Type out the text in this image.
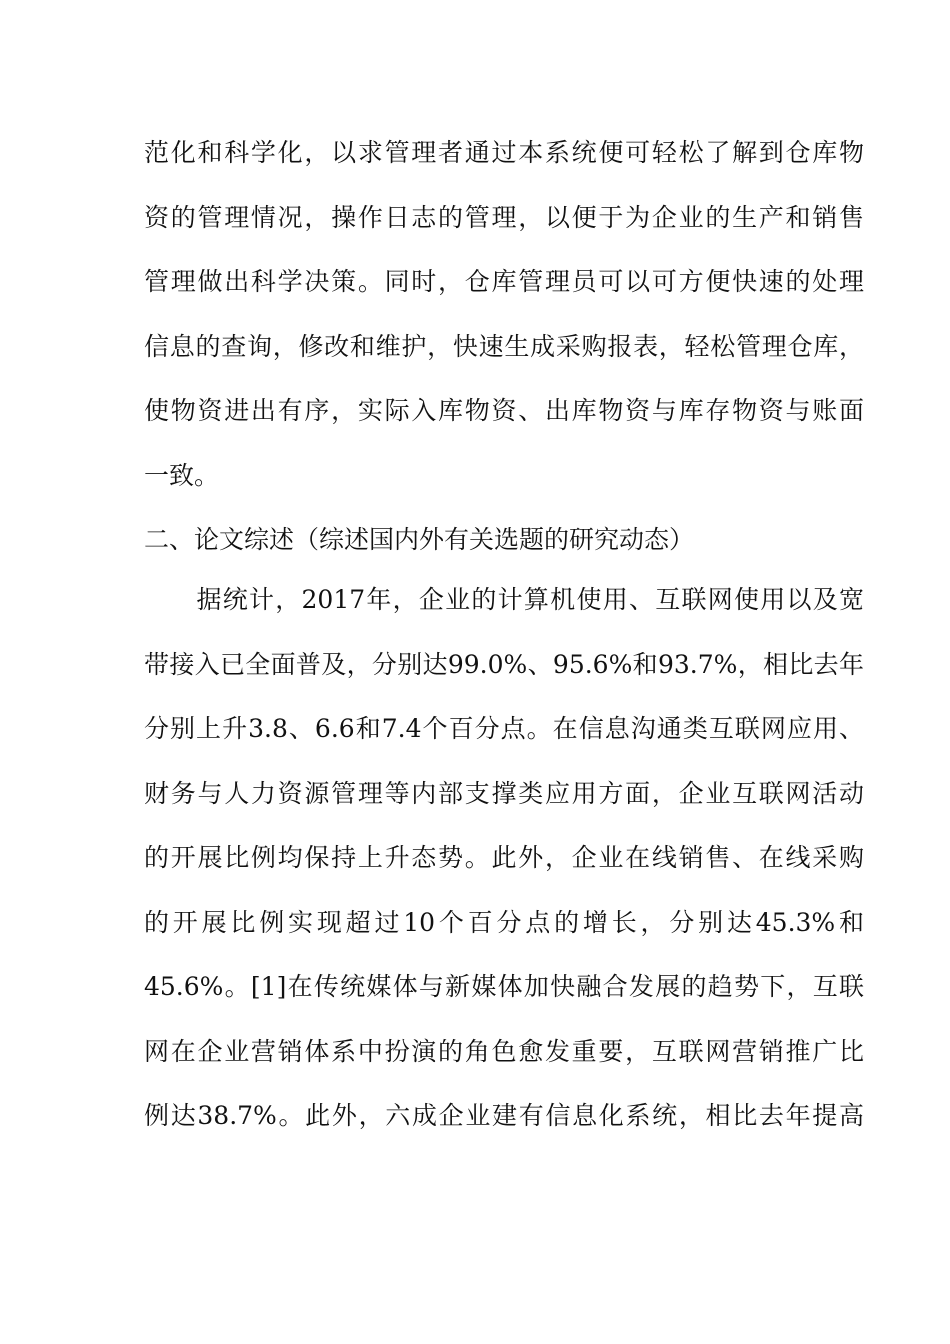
范化和科学化，以求管理者通过本系统便可轻松了解到仓库物
资的管理情况，操作日志的管理，以便于为企业的生产和销售
管理做出科学决策。同时，仓库管理员可以可方便快速的处理
信息的查询，修改和维护，快速生成采购报表，轻松管理仓库，
使物资进出有序，实际入库物资、出库物资与库存物资与账面
一致。
二、论文综述（综述国内外有关选题的研究动态）
　　据统计，2017年，企业的计算机使用、互联网使用以及宽
带接入已全面普及，分别达99.0%、95.6%和93.7%，相比去年
分别上升3.8、6.6和7.4个百分点。在信息沟通类互联网应用、
财务与人力资源管理等内部支撑类应用方面，企业互联网活动
的开展比例均保持上升态势。此外，企业在线销售、在线采购
的开展比例实现超过10个百分点的增长，分别达45.3%和
45.6%。[1]在传统媒体与新媒体加快融合发展的趋势下，互联
网在企业营销体系中扮演的角色愈发重要，互联网营销推广比
例达38.7%。此外，六成企业建有信息化系统，相比去年提高
